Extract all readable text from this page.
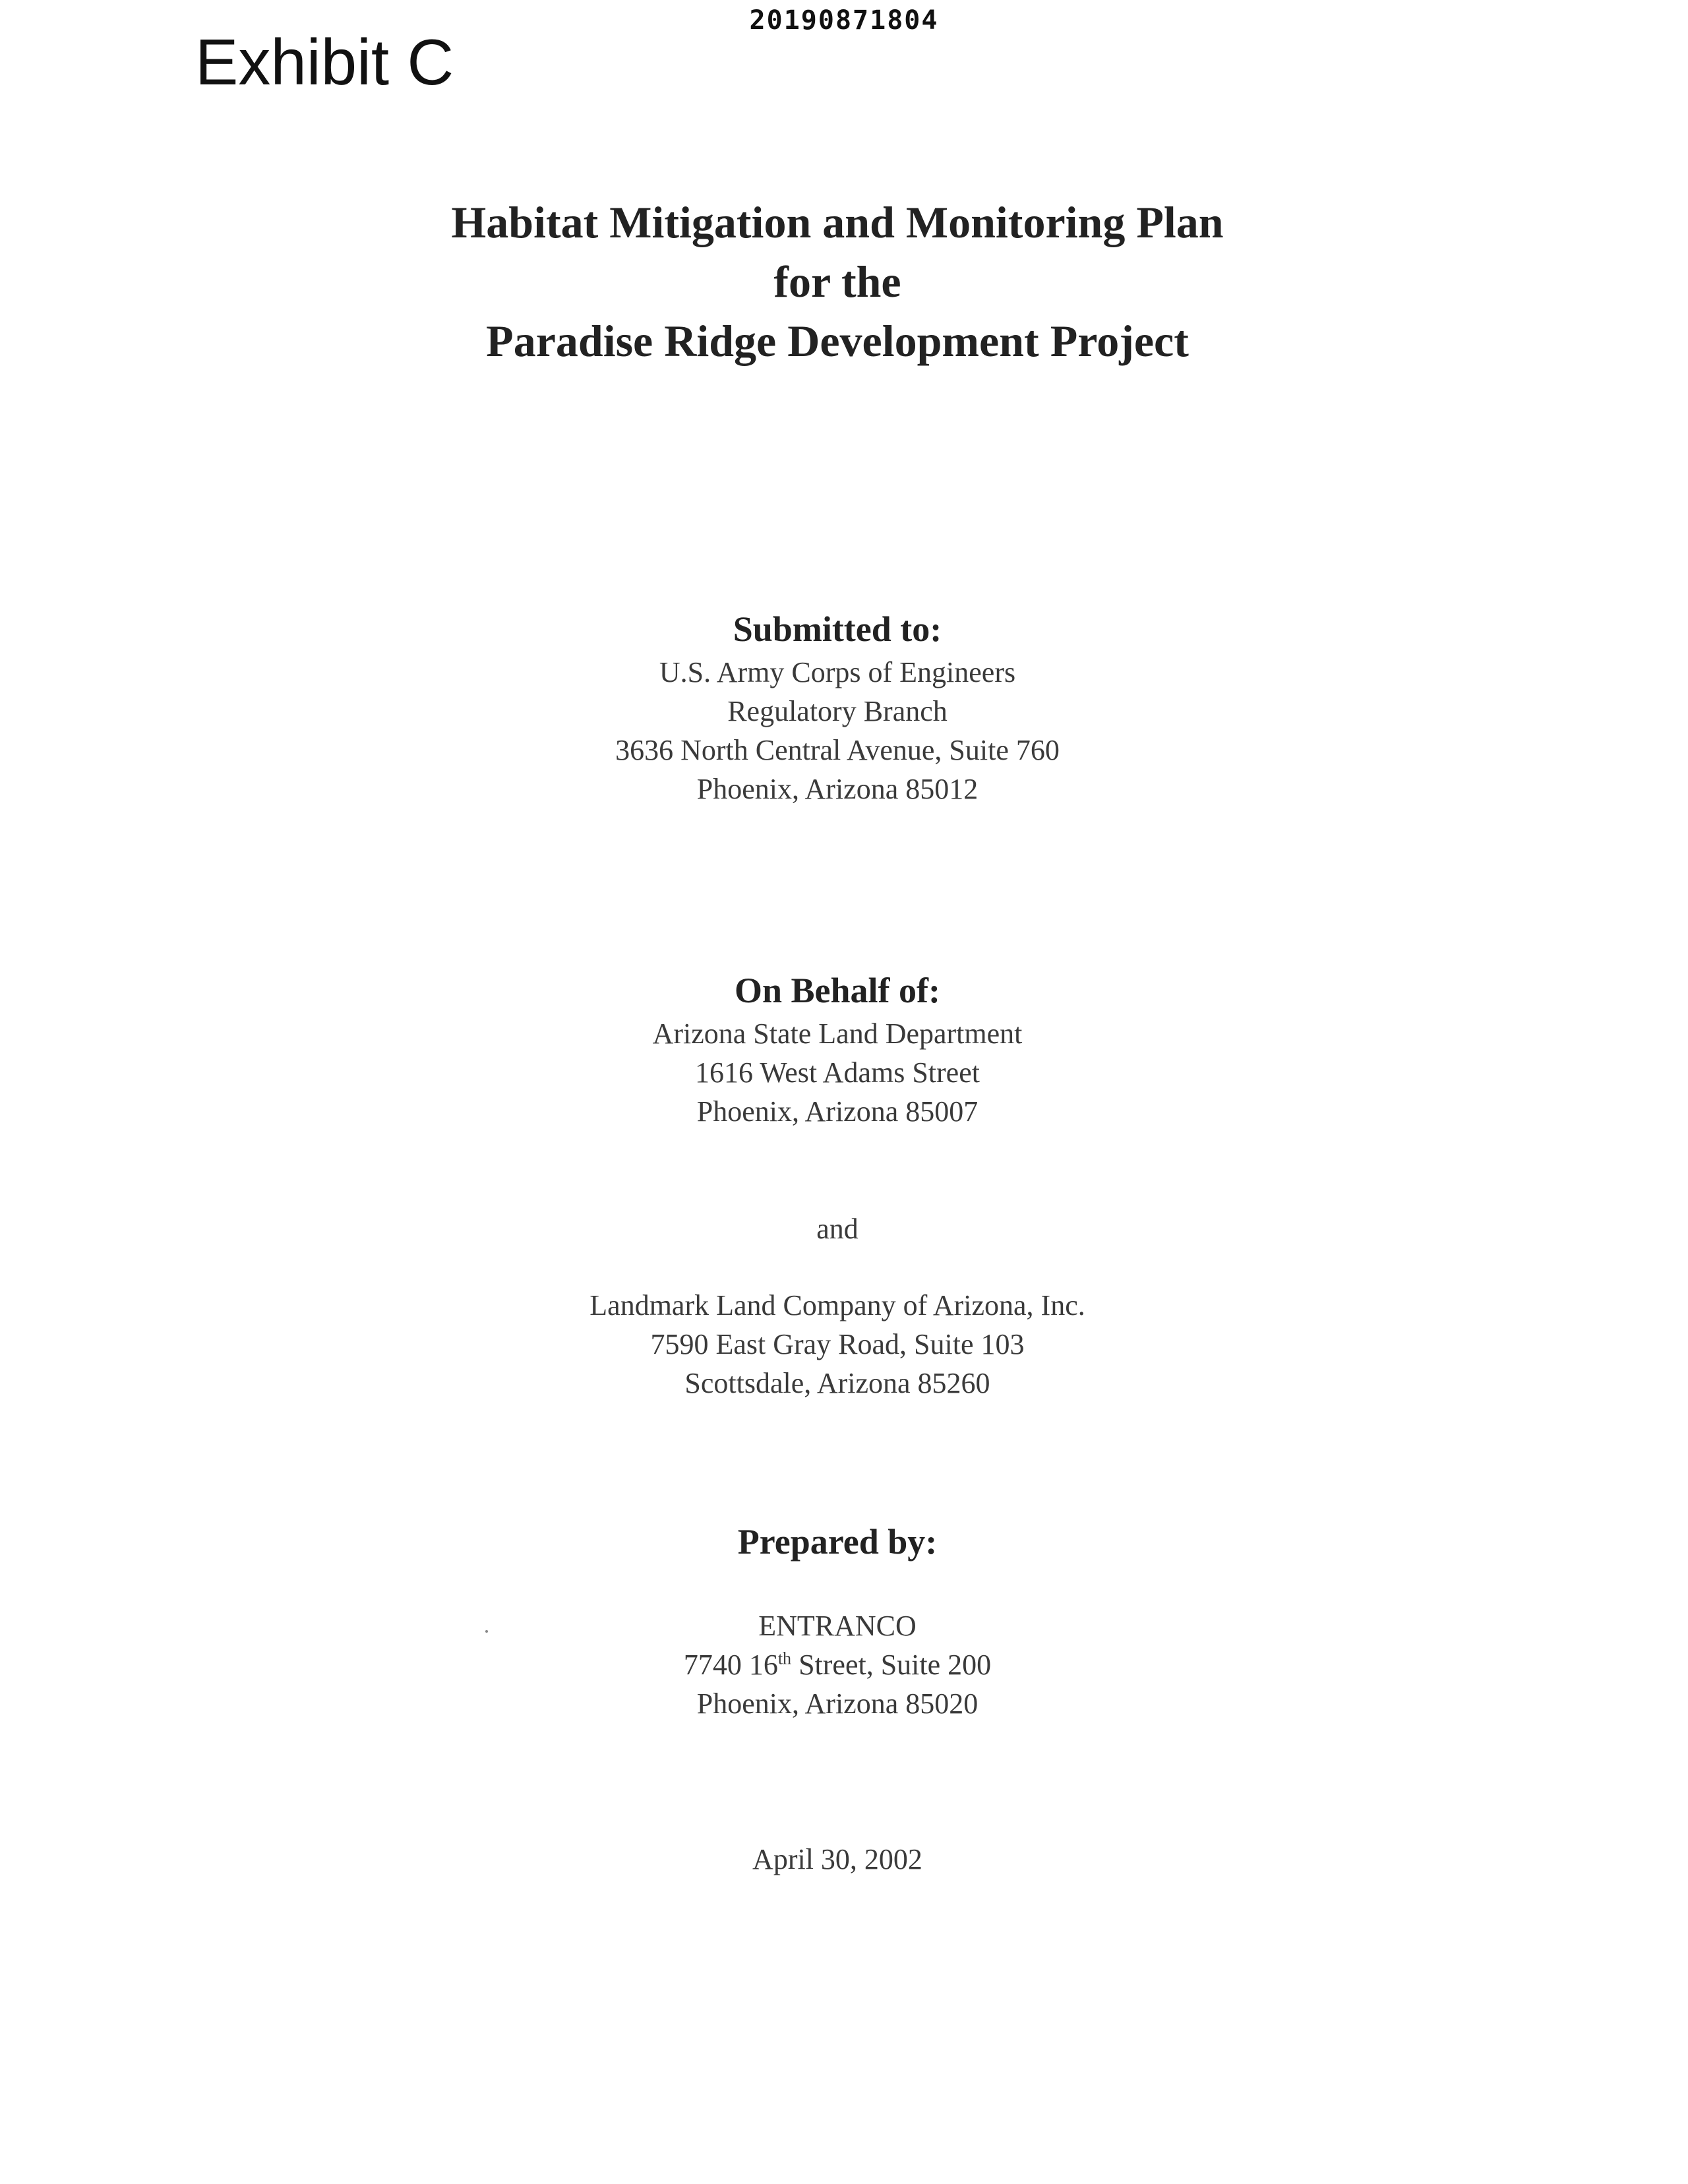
20190871804
Exhibit C
Habitat Mitigation and Monitoring Plan
for the
Paradise Ridge Development Project
Submitted to:
U.S. Army Corps of Engineers
Regulatory Branch
3636 North Central Avenue, Suite 760
Phoenix, Arizona 85012
On Behalf of:
Arizona State Land Department
1616 West Adams Street
Phoenix, Arizona 85007
and
Landmark Land Company of Arizona, Inc.
7590 East Gray Road, Suite 103
Scottsdale, Arizona 85260
Prepared by:
ENTRANCO
7740 16th Street, Suite 200
Phoenix, Arizona 85020
April 30, 2002
